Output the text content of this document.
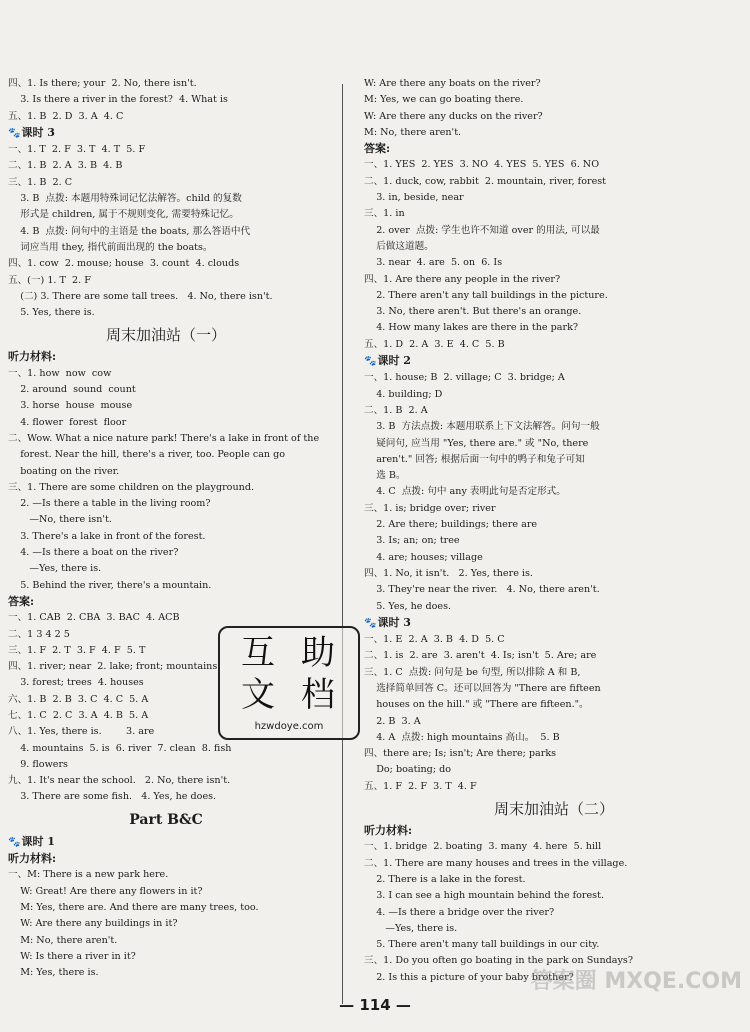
四、1. Is there; your  2. No, there isn't.
3. Is there a river in the forest?  4. What is
五、1. B  2. D  3. A  4. C
🐾课时 3
一、1. T  2. F  3. T  4. T  5. F
二、1. B  2. A  3. B  4. B
三、1. B  2. C
3. B  点拨: 本题用特殊词记忆法解答。child 的复数
形式是 children, 属于不规则变化, 需要特殊记忆。
4. B  点拨: 问句中的主语是 the boats, 那么答语中代
词应当用 they, 指代前面出现的 the boats。
四、1. cow  2. mouse; house  3. count  4. clouds
五、(一) 1. T  2. F
(二) 3. There are some tall trees.   4. No, there isn't.
5. Yes, there is.
周末加油站（一）
听力材料:
一、1. how  now  cow
2. around  sound  count
3. horse  house  mouse
4. flower  forest  floor
二、Wow. What a nice nature park! There's a lake in front of the
forest. Near the hill, there's a river, too. People can go
boating on the river.
三、1. There are some children on the playground.
2. —Is there a table in the living room?
—No, there isn't.
3. There's a lake in front of the forest.
4. —Is there a boat on the river?
—Yes, there is.
5. Behind the river, there's a mountain.
答案:
一、1. CAB  2. CBA  3. BAC  4. ACB
二、1 3 4 2 5
三、1. F  2. T  3. F  4. F  5. T
四、1. river; near  2. lake; front; mountains
3. forest; trees  4. houses
六、1. B  2. B  3. C  4. C  5. A
七、1. C  2. C  3. A  4. B  5. A
八、1. Yes, there is.        3. are
4. mountains  5. is  6. river  7. clean  8. fish
9. flowers
九、1. It's near the school.   2. No, there isn't.
3. There are some fish.   4. Yes, he does.
Part B&C
🐾课时 1
听力材料:
一、M: There is a new park here.
W: Great! Are there any flowers in it?
M: Yes, there are. And there are many trees, too.
W: Are there any buildings in it?
M: No, there aren't.
W: Is there a river in it?
M: Yes, there is.
W: Are there any boats on the river?
M: Yes, we can go boating there.
W: Are there any ducks on the river?
M: No, there aren't.
答案:
一、1. YES  2. YES  3. NO  4. YES  5. YES  6. NO
二、1. duck, cow, rabbit  2. mountain, river, forest
3. in, beside, near
三、1. in
2. over  点拨: 学生也许不知道 over 的用法, 可以最
后做这道题。
3. near  4. are  5. on  6. Is
四、1. Are there any people in the river?
2. There aren't any tall buildings in the picture.
3. No, there aren't. But there's an orange.
4. How many lakes are there in the park?
五、1. D  2. A  3. E  4. C  5. B
🐾课时 2
一、1. house; B  2. village; C  3. bridge; A
4. building; D
二、1. B  2. A
3. B  方法点拨: 本题用联系上下文法解答。问句一般
疑问句, 应当用 "Yes, there are." 或 "No, there
aren't." 回答; 根据后面一句中的鸭子和兔子可知
选 B。
4. C  点拨: 句中 any 表明此句是否定形式。
三、1. is; bridge over; river
2. Are there; buildings; there are
3. Is; an; on; tree
4. are; houses; village
四、1. No, it isn't.   2. Yes, there is.
3. They're near the river.   4. No, there aren't.
5. Yes, he does.
🐾课时 3
一、1. E  2. A  3. B  4. D  5. C
二、1. is  2. are  3. aren't  4. Is; isn't  5. Are; are
三、1. C  点拨: 问句是 be 句型, 所以排除 A 和 B,
选择简单回答 C。还可以回答为 "There are fifteen
houses on the hill." 或 "There are fifteen."。
2. B  3. A
4. A  点拨: high mountains 高山。  5. B
四、there are; Is; isn't; Are there; parks
Do; boating; do
五、1. F  2. F  3. T  4. F
周末加油站（二）
听力材料:
一、1. bridge  2. boating  3. many  4. here  5. hill
二、1. There are many houses and trees in the village.
2. There is a lake in the forest.
3. I can see a high mountain behind the forest.
4. —Is there a bridge over the river?
—Yes, there is.
5. There aren't many tall buildings in our city.
三、1. Do you often go boating in the park on Sundays?
2. Is this a picture of your baby brother?
互 助
文 档
hzwdoye.com
答案圈 MXQE.COM
— 114 —
